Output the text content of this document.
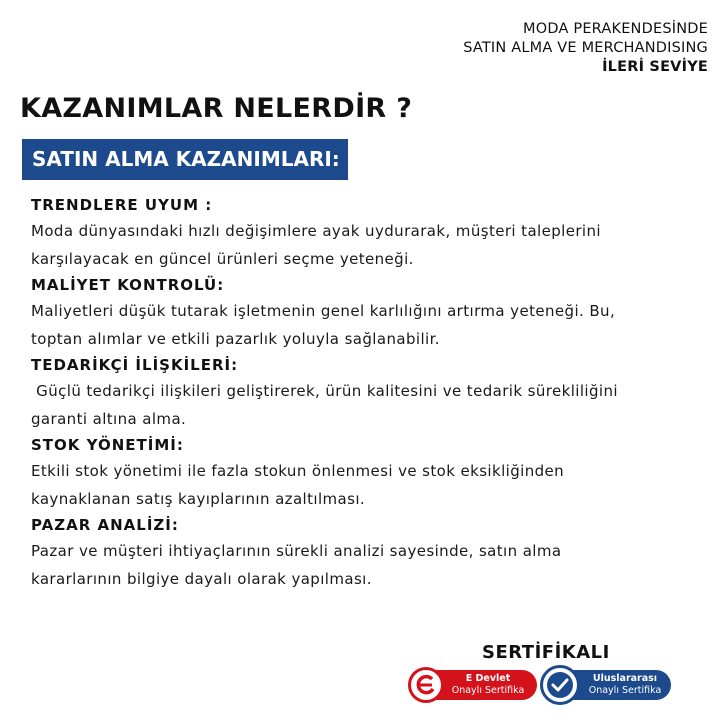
MODA PERAKENDESİNDE
SATIN ALMA VE MERCHANDISING
İLERİ SEVİYE
KAZANIMLAR NELERDİR ?
SATIN ALMA KAZANIMLARI:

TRENDLERE UYUM :

Moda dünyasındaki hızlı değişimlere ayak uydurarak, müşteri taleplerini
karşılayacak en güncel ürünleri seçme yeteneği.

MALİYET KONTROLÜ:

Maliyetleri düşük tutarak işletmenin genel karlılığını artırma yeteneği. Bu,
toptan alımlar ve etkili pazarlık yoluyla sağlanabilir.

TEDARİKÇİ İLİŞKİLERİ:

Güçlü tedarikçi ilişkileri geliştirerek, ürün kalitesini ve tedarik sürekliliğini
garanti altına alma.

STOK YÖNETİMİ:

Etkili stok yönetimi ile fazla stokun önlenmesi ve stok eksikliğinden
kaynaklanan satış kayıplarının azaltılması.

PAZAR ANALİZİ:

Pazar ve müşteri ihtiyaçlarının sürekli analizi sayesinde, satın alma
kararlarının bilgiye dayalı olarak yapılması.

SERTİFİKALI

E Devlet
Onaylı Sertifika
Uluslararası
Onaylı Sertifika
